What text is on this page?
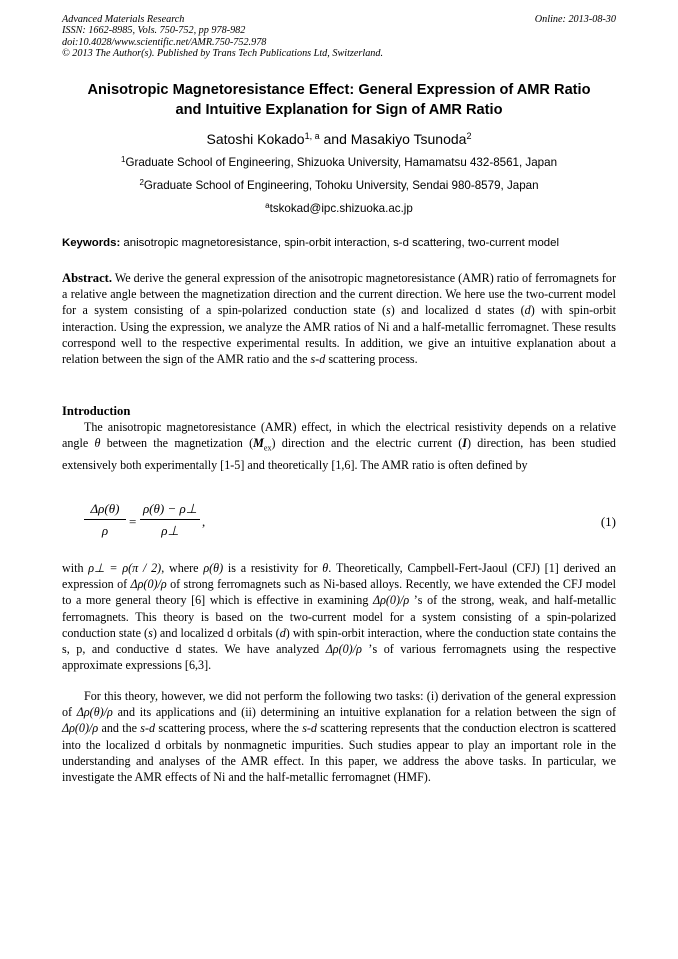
Advanced Materials Research
ISSN: 1662-8985, Vols. 750-752, pp 978-982
doi:10.4028/www.scientific.net/AMR.750-752.978
© 2013 The Author(s). Published by Trans Tech Publications Ltd, Switzerland.
Online: 2013-08-30
Anisotropic Magnetoresistance Effect: General Expression of AMR Ratio
and Intuitive Explanation for Sign of AMR Ratio
Satoshi Kokado$^{1, a}$ and Masakiyo Tsunoda$^2$
$^1$Graduate School of Engineering, Shizuoka University, Hamamatsu 432-8561, Japan
$^2$Graduate School of Engineering, Tohoku University, Sendai 980-8579, Japan
$^a$tskokad@ipc.shizuoka.ac.jp
Keywords: anisotropic magnetoresistance, spin-orbit interaction, s-d scattering, two-current model
Abstract. We derive the general expression of the anisotropic magnetoresistance (AMR) ratio of ferromagnets for a relative angle between the magnetization direction and the current direction. We here use the two-current model for a system consisting of a spin-polarized conduction state (s) and localized d states (d) with spin-orbit interaction. Using the expression, we analyze the AMR ratios of Ni and a half-metallic ferromagnet. These results correspond well to the respective experimental results. In addition, we give an intuitive explanation about a relation between the sign of the AMR ratio and the s-d scattering process.
Introduction
The anisotropic magnetoresistance (AMR) effect, in which the electrical resistivity depends on a relative angle θ between the magnetization $(M_{ex})$ direction and the electric current (I) direction, has been studied extensively both experimentally [1-5] and theoretically [1,6]. The AMR ratio is often defined by
$\frac{\Delta\rho(\theta)}{\rho} = \frac{\rho(\theta) - \rho\perp}{\rho\perp}$ ,	(1)
with ρ⊥ = ρ(π / 2), where ρ(θ) is a resistivity for θ. Theoretically, Campbell-Fert-Jaoul (CFJ) [1] derived an expression of Δρ(0)/ρ of strong ferromagnets such as Ni-based alloys. Recently, we have extended the CFJ model to a more general theory [6] which is effective in examining Δρ(0)/ρ ’s of the strong, weak, and half-metallic ferromagnets. This theory is based on the two-current model for a system consisting of a spin-polarized conduction state (s) and localized d orbitals (d) with spin-orbit interaction, where the conduction state contains the s, p, and conductive d states. We have analyzed Δρ(0)/ρ ’s of various ferromagnets using the respective approximate expressions [6,3].
For this theory, however, we did not perform the following two tasks: (i) derivation of the general expression of Δρ(θ)/ρ and its applications and (ii) determining an intuitive explanation for a relation between the sign of Δρ(0)/ρ and the s-d scattering process, where the s-d scattering represents that the conduction electron is scattered into the localized d orbitals by nonmagnetic impurities. Such studies appear to play an important role in the understanding and analyses of the AMR effect. In this paper, we address the above tasks. In particular, we investigate the AMR effects of Ni and the half-metallic ferromagnet (HMF).
